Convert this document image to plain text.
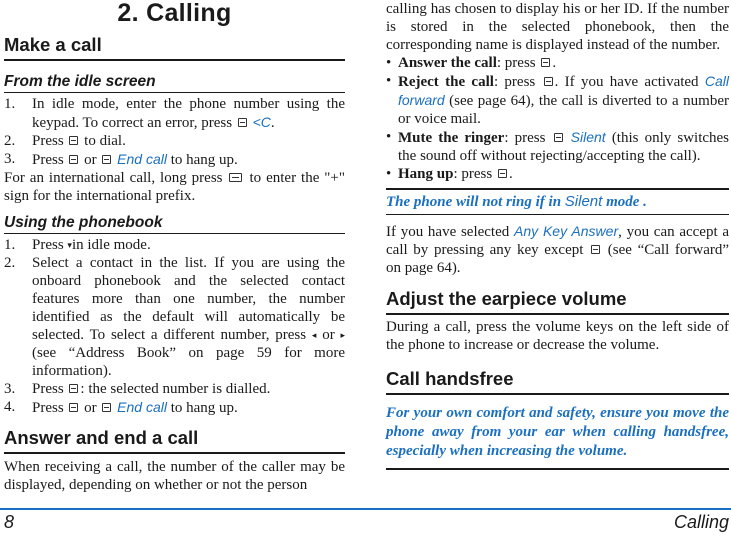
2. Calling
Make a call
From the idle screen
1. In idle mode, enter the phone number using the keypad. To correct an error, press <C.
2. Press to dial.
3. Press or End call to hang up.
For an international call, long press to enter the "+" sign for the international prefix.
Using the phonebook
1. Press ▾in idle mode.
2. Select a contact in the list. If you are using the onboard phonebook and the selected contact features more than one number, the number identified as the default will automatically be selected. To select a different number, press ◂ or ▸ (see “Address Book” on page 59 for more information).
3. Press : the selected number is dialled.
4. Press or End call to hang up.
Answer and end a call
When receiving a call, the number of the caller may be displayed, depending on whether or not the person
calling has chosen to display his or her ID. If the number is stored in the selected phonebook, then the corresponding name is displayed instead of the number.
• Answer the call: press .
• Reject the call: press . If you have activated Call forward (see page 64), the call is diverted to a number or voice mail.
• Mute the ringer: press Silent (this only switches the sound off without rejecting/accepting the call).
• Hang up: press .
The phone will not ring if in Silent mode .
If you have selected Any Key Answer, you can accept a call by pressing any key except (see “Call forward” on page 64).
Adjust the earpiece volume
During a call, press the volume keys on the left side of the phone to increase or decrease the volume.
Call handsfree
For your own comfort and safety, ensure you move the phone away from your ear when calling handsfree, especially when increasing the volume.
8	Calling
